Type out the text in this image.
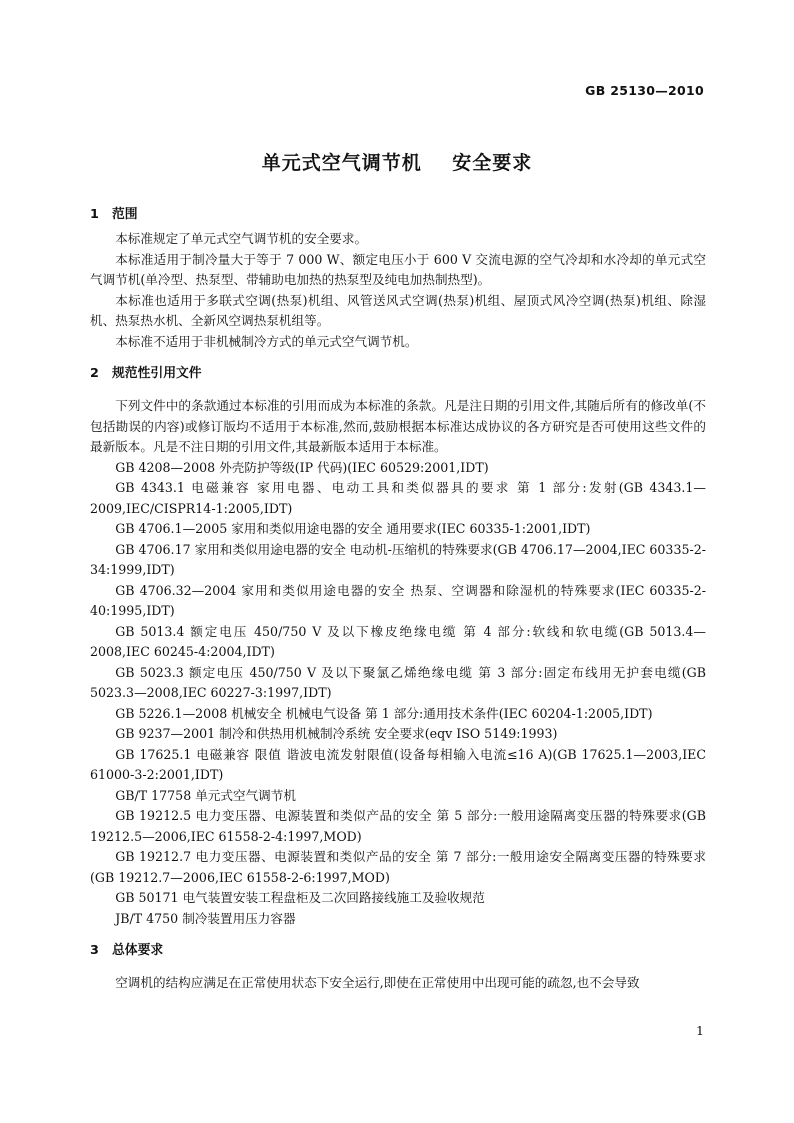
GB 25130—2010
单元式空气调节机    安全要求
1 范围

本标准规定了单元式空气调节机的安全要求。

本标准适用于制冷量大于等于 7 000 W、额定电压小于 600 V 交流电源的空气冷却和水冷却的单元式空气调节机(单冷型、热泵型、带辅助电加热的热泵型及纯电加热制热型)。

本标准也适用于多联式空调(热泵)机组、风管送风式空调(热泵)机组、屋顶式风冷空调(热泵)机组、除湿机、热泵热水机、全新风空调热泵机组等。

本标准不适用于非机械制冷方式的单元式空气调节机。

2 规范性引用文件

下列文件中的条款通过本标准的引用而成为本标准的条款。凡是注日期的引用文件,其随后所有的修改单(不包括勘误的内容)或修订版均不适用于本标准,然而,鼓励根据本标准达成协议的各方研究是否可使用这些文件的最新版本。凡是不注日期的引用文件,其最新版本适用于本标准。

GB 4208—2008 外壳防护等级(IP 代码)(IEC 60529:2001,IDT)

GB 4343.1 电磁兼容 家用电器、电动工具和类似器具的要求 第 1 部分:发射(GB 4343.1—2009,IEC/CISPR14-1:2005,IDT)

GB 4706.1—2005 家用和类似用途电器的安全 通用要求(IEC 60335-1:2001,IDT)

GB 4706.17 家用和类似用途电器的安全 电动机-压缩机的特殊要求(GB 4706.17—2004,IEC 60335-2-34:1999,IDT)

GB 4706.32—2004 家用和类似用途电器的安全 热泵、空调器和除湿机的特殊要求(IEC 60335-2-40:1995,IDT)

GB 5013.4 额定电压 450/750 V 及以下橡皮绝缘电缆 第 4 部分:软线和软电缆(GB 5013.4—2008,IEC 60245-4:2004,IDT)

GB 5023.3 额定电压 450/750 V 及以下聚氯乙烯绝缘电缆 第 3 部分:固定布线用无护套电缆(GB 5023.3—2008,IEC 60227-3:1997,IDT)

GB 5226.1—2008 机械安全 机械电气设备 第 1 部分:通用技术条件(IEC 60204-1:2005,IDT)

GB 9237—2001 制冷和供热用机械制冷系统 安全要求(eqv ISO 5149:1993)

GB 17625.1 电磁兼容 限值 谐波电流发射限值(设备每相输入电流≤16 A)(GB 17625.1—2003,IEC 61000-3-2:2001,IDT)

GB/T 17758 单元式空气调节机

GB 19212.5 电力变压器、电源装置和类似产品的安全 第 5 部分:一般用途隔离变压器的特殊要求(GB 19212.5—2006,IEC 61558-2-4:1997,MOD)

GB 19212.7 电力变压器、电源装置和类似产品的安全 第 7 部分:一般用途安全隔离变压器的特殊要求(GB 19212.7—2006,IEC 61558-2-6:1997,MOD)

GB 50171 电气装置安装工程盘柜及二次回路接线施工及验收规范

JB/T 4750 制冷装置用压力容器

3 总体要求

空调机的结构应满足在正常使用状态下安全运行,即使在正常使用中出现可能的疏忽,也不会导致

1
